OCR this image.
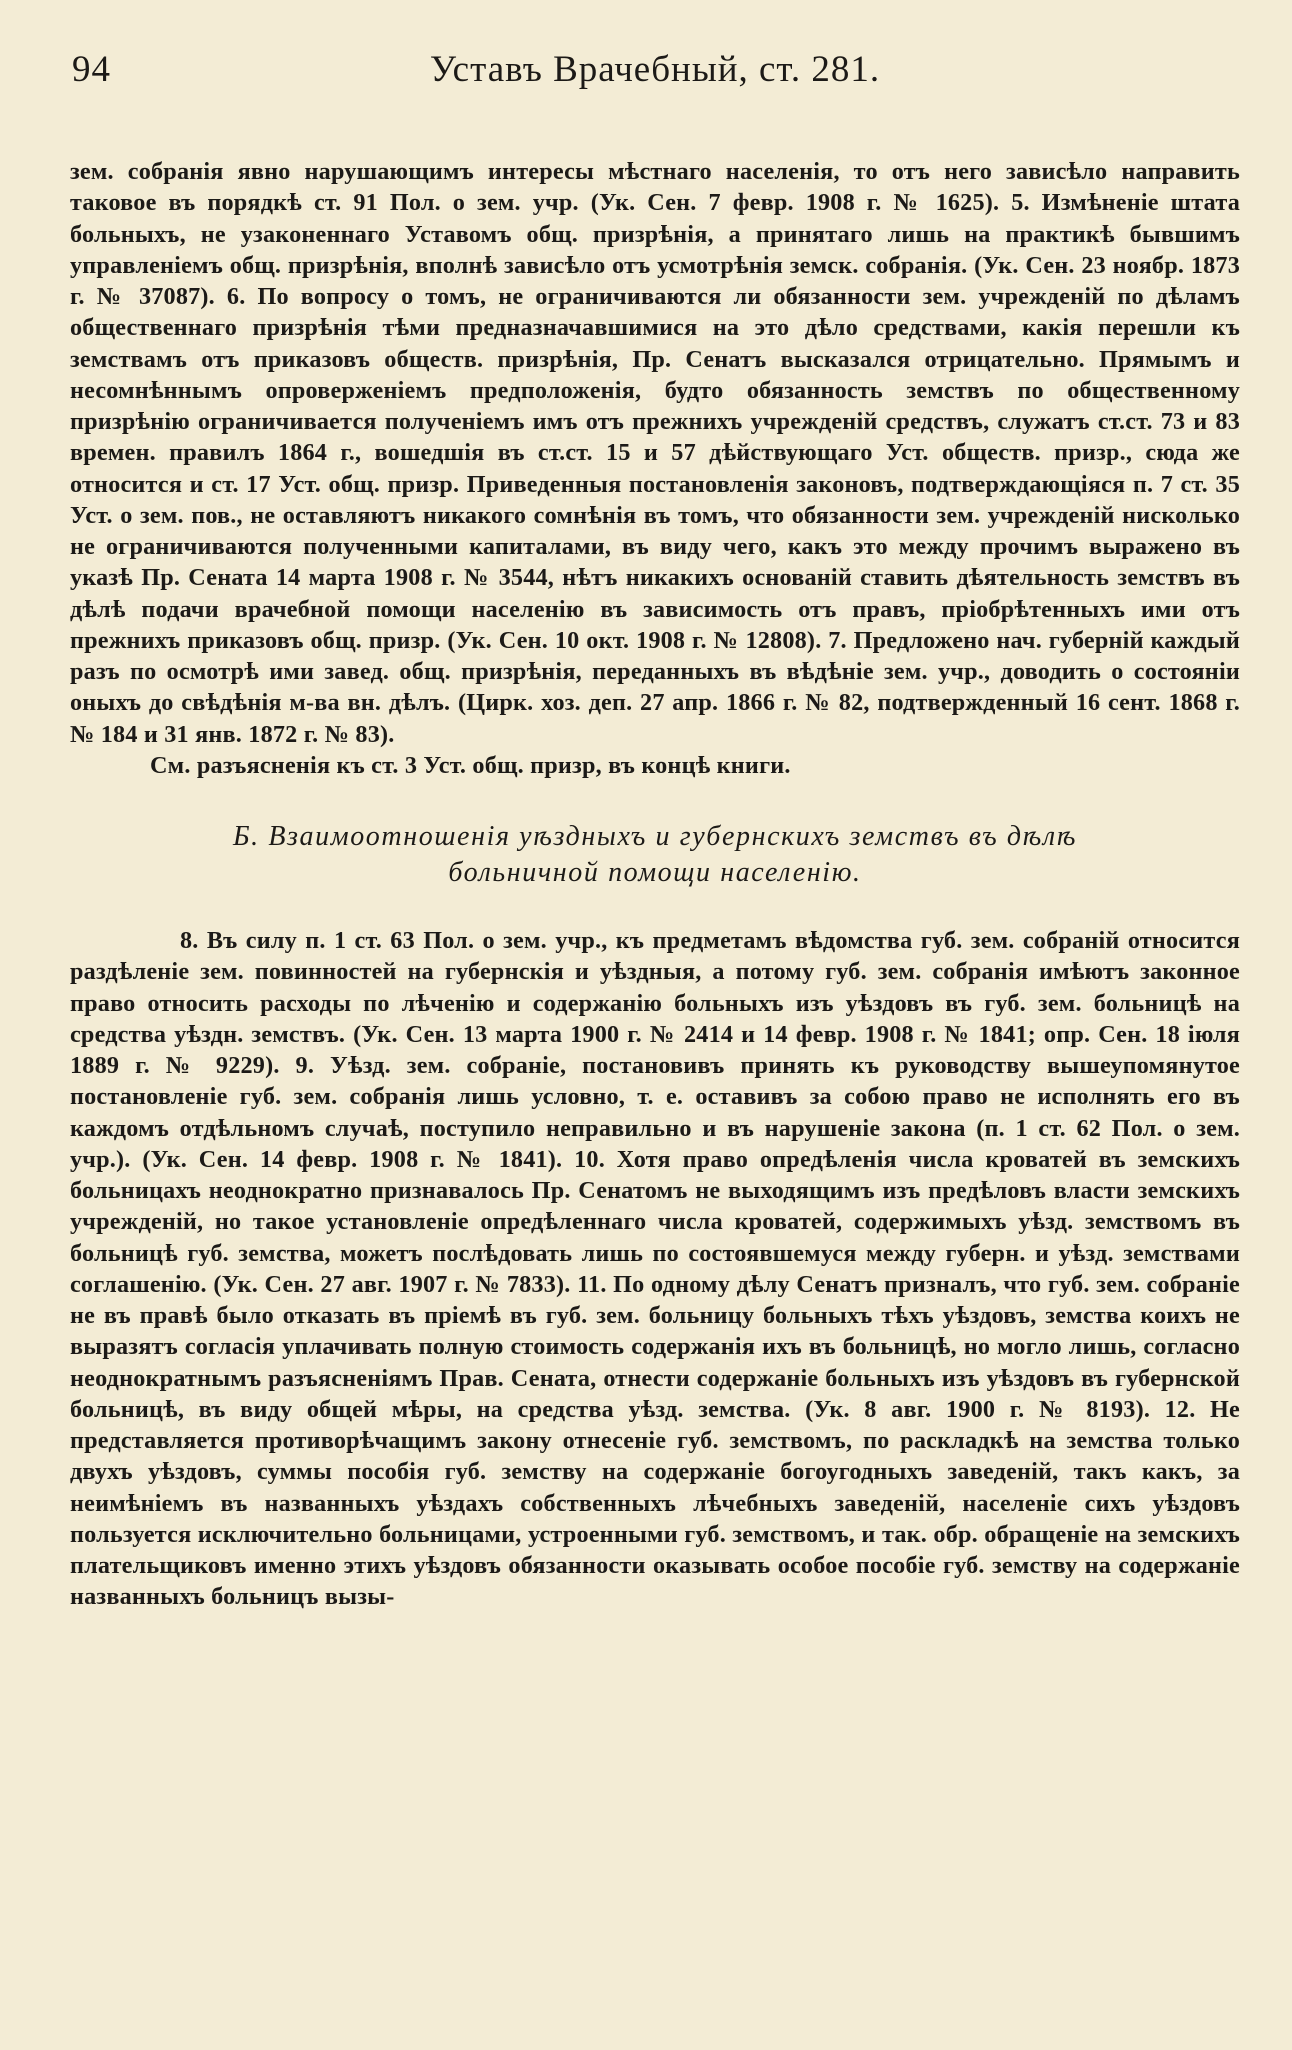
94	Уставъ Врачебный, ст. 281.

зем. собранія явно нарушающимъ интересы мѣстнаго населенія, то отъ него зависѣло направить таковое въ порядкѣ ст. 91 Пол. о зем. учр. (Ук. Сен. 7 февр. 1908 г. № 1625). 5. Измѣненіе штата больныхъ, не узаконеннаго Уставомъ общ. призрѣнія, а принятаго лишь на практикѣ бывшимъ управленіемъ общ. призрѣнія, вполнѣ зависѣло отъ усмотрѣнія земск. собранія. (Ук. Сен. 23 ноябр. 1873 г. № 37087). 6. По вопросу о томъ, не ограничиваются ли обязанности зем. учрежденій по дѣламъ общественнаго призрѣнія тѣми предназначавшимися на это дѣло средствами, какія перешли къ земствамъ отъ приказовъ обществ. призрѣнія, Пр. Сенатъ высказался отрицательно. Прямымъ и несомнѣннымъ опроверженіемъ предположенія, будто обязанность земствъ по общественному призрѣнію ограничивается полученіемъ имъ отъ прежнихъ учрежденій средствъ, служатъ ст.ст. 73 и 83 времен. правилъ 1864 г., вошедшія въ ст.ст. 15 и 57 дѣйствующаго Уст. обществ. призр., сюда же относится и ст. 17 Уст. общ. призр. Приведенныя постановленія законовъ, подтверждающіяся п. 7 ст. 35 Уст. о зем. пов., не оставляютъ никакого сомнѣнія въ томъ, что обязанности зем. учрежденій нисколько не ограничиваются полученными капиталами, въ виду чего, какъ это между прочимъ выражено въ указѣ Пр. Сената 14 марта 1908 г. № 3544, нѣтъ никакихъ основаній ставить дѣятельность земствъ въ дѣлѣ подачи врачебной помощи населенію въ зависимость отъ правъ, пріобрѣтенныхъ ими отъ прежнихъ приказовъ общ. призр. (Ук. Сен. 10 окт. 1908 г. № 12808). 7. Предложено нач. губерній каждый разъ по осмотрѣ ими завед. общ. призрѣнія, переданныхъ въ вѣдѣніе зем. учр., доводить о состояніи оныхъ до свѣдѣнія м-ва вн. дѣлъ. (Цирк. хоз. деп. 27 апр. 1866 г. № 82, подтвержденный 16 сент. 1868 г. № 184 и 31 янв. 1872 г. № 83).

См. разъясненія къ ст. 3 Уст. общ. призр, въ концѣ книги.

Б. Взаимоотношенія уѣздныхъ и губернскихъ земствъ въ дѣлѣ
больничной помощи населенію.

8. Въ силу п. 1 ст. 63 Пол. о зем. учр., къ предметамъ вѣдомства губ. зем. собраній относится раздѣленіе зем. повинностей на губернскія и уѣздныя, а потому губ. зем. собранія имѣютъ законное право относить расходы по лѣченію и содержанію больныхъ изъ уѣздовъ въ губ. зем. больницѣ на средства уѣздн. земствъ. (Ук. Сен. 13 марта 1900 г. № 2414 и 14 февр. 1908 г. № 1841; опр. Сен. 18 іюля 1889 г. № 9229). 9. Уѣзд. зем. собраніе, постановивъ принять къ руководству вышеупомянутое постановленіе губ. зем. собранія лишь условно, т. е. оставивъ за собою право не исполнять его въ каждомъ отдѣльномъ случаѣ, поступило неправильно и въ нарушеніе закона (п. 1 ст. 62 Пол. о зем. учр.). (Ук. Сен. 14 февр. 1908 г. № 1841). 10. Хотя право опредѣленія числа кроватей въ земскихъ больницахъ неоднократно признавалось Пр. Сенатомъ не выходящимъ изъ предѣловъ власти земскихъ учрежденій, но такое установленіе опредѣленнаго числа кроватей, содержимыхъ уѣзд. земствомъ въ больницѣ губ. земства, можетъ послѣдовать лишь по состоявшемуся между губерн. и уѣзд. земствами соглашенію. (Ук. Сен. 27 авг. 1907 г. № 7833). 11. По одному дѣлу Сенатъ призналъ, что губ. зем. собраніе не въ правѣ было отказать въ пріемѣ въ губ. зем. больницу больныхъ тѣхъ уѣздовъ, земства коихъ не выразятъ согласія уплачивать полную стоимость содержанія ихъ въ больницѣ, но могло лишь, согласно неоднократнымъ разъясненіямъ Прав. Сената, отнести содержаніе больныхъ изъ уѣздовъ въ губернской больницѣ, въ виду общей мѣры, на средства уѣзд. земства. (Ук. 8 авг. 1900 г. № 8193). 12. Не представляется противорѣчащимъ закону отнесеніе губ. земствомъ, по раскладкѣ на земства только двухъ уѣздовъ, суммы пособія губ. земству на содержаніе богоугодныхъ заведеній, такъ какъ, за неимѣніемъ въ названныхъ уѣздахъ собственныхъ лѣчебныхъ заведеній, населеніе сихъ уѣздовъ пользуется исключительно больницами, устроенными губ. земствомъ, и так. обр. обращеніе на земскихъ плательщиковъ именно этихъ уѣздовъ обязанности оказывать особое пособіе губ. земству на содержаніе названныхъ больницъ вызы-
